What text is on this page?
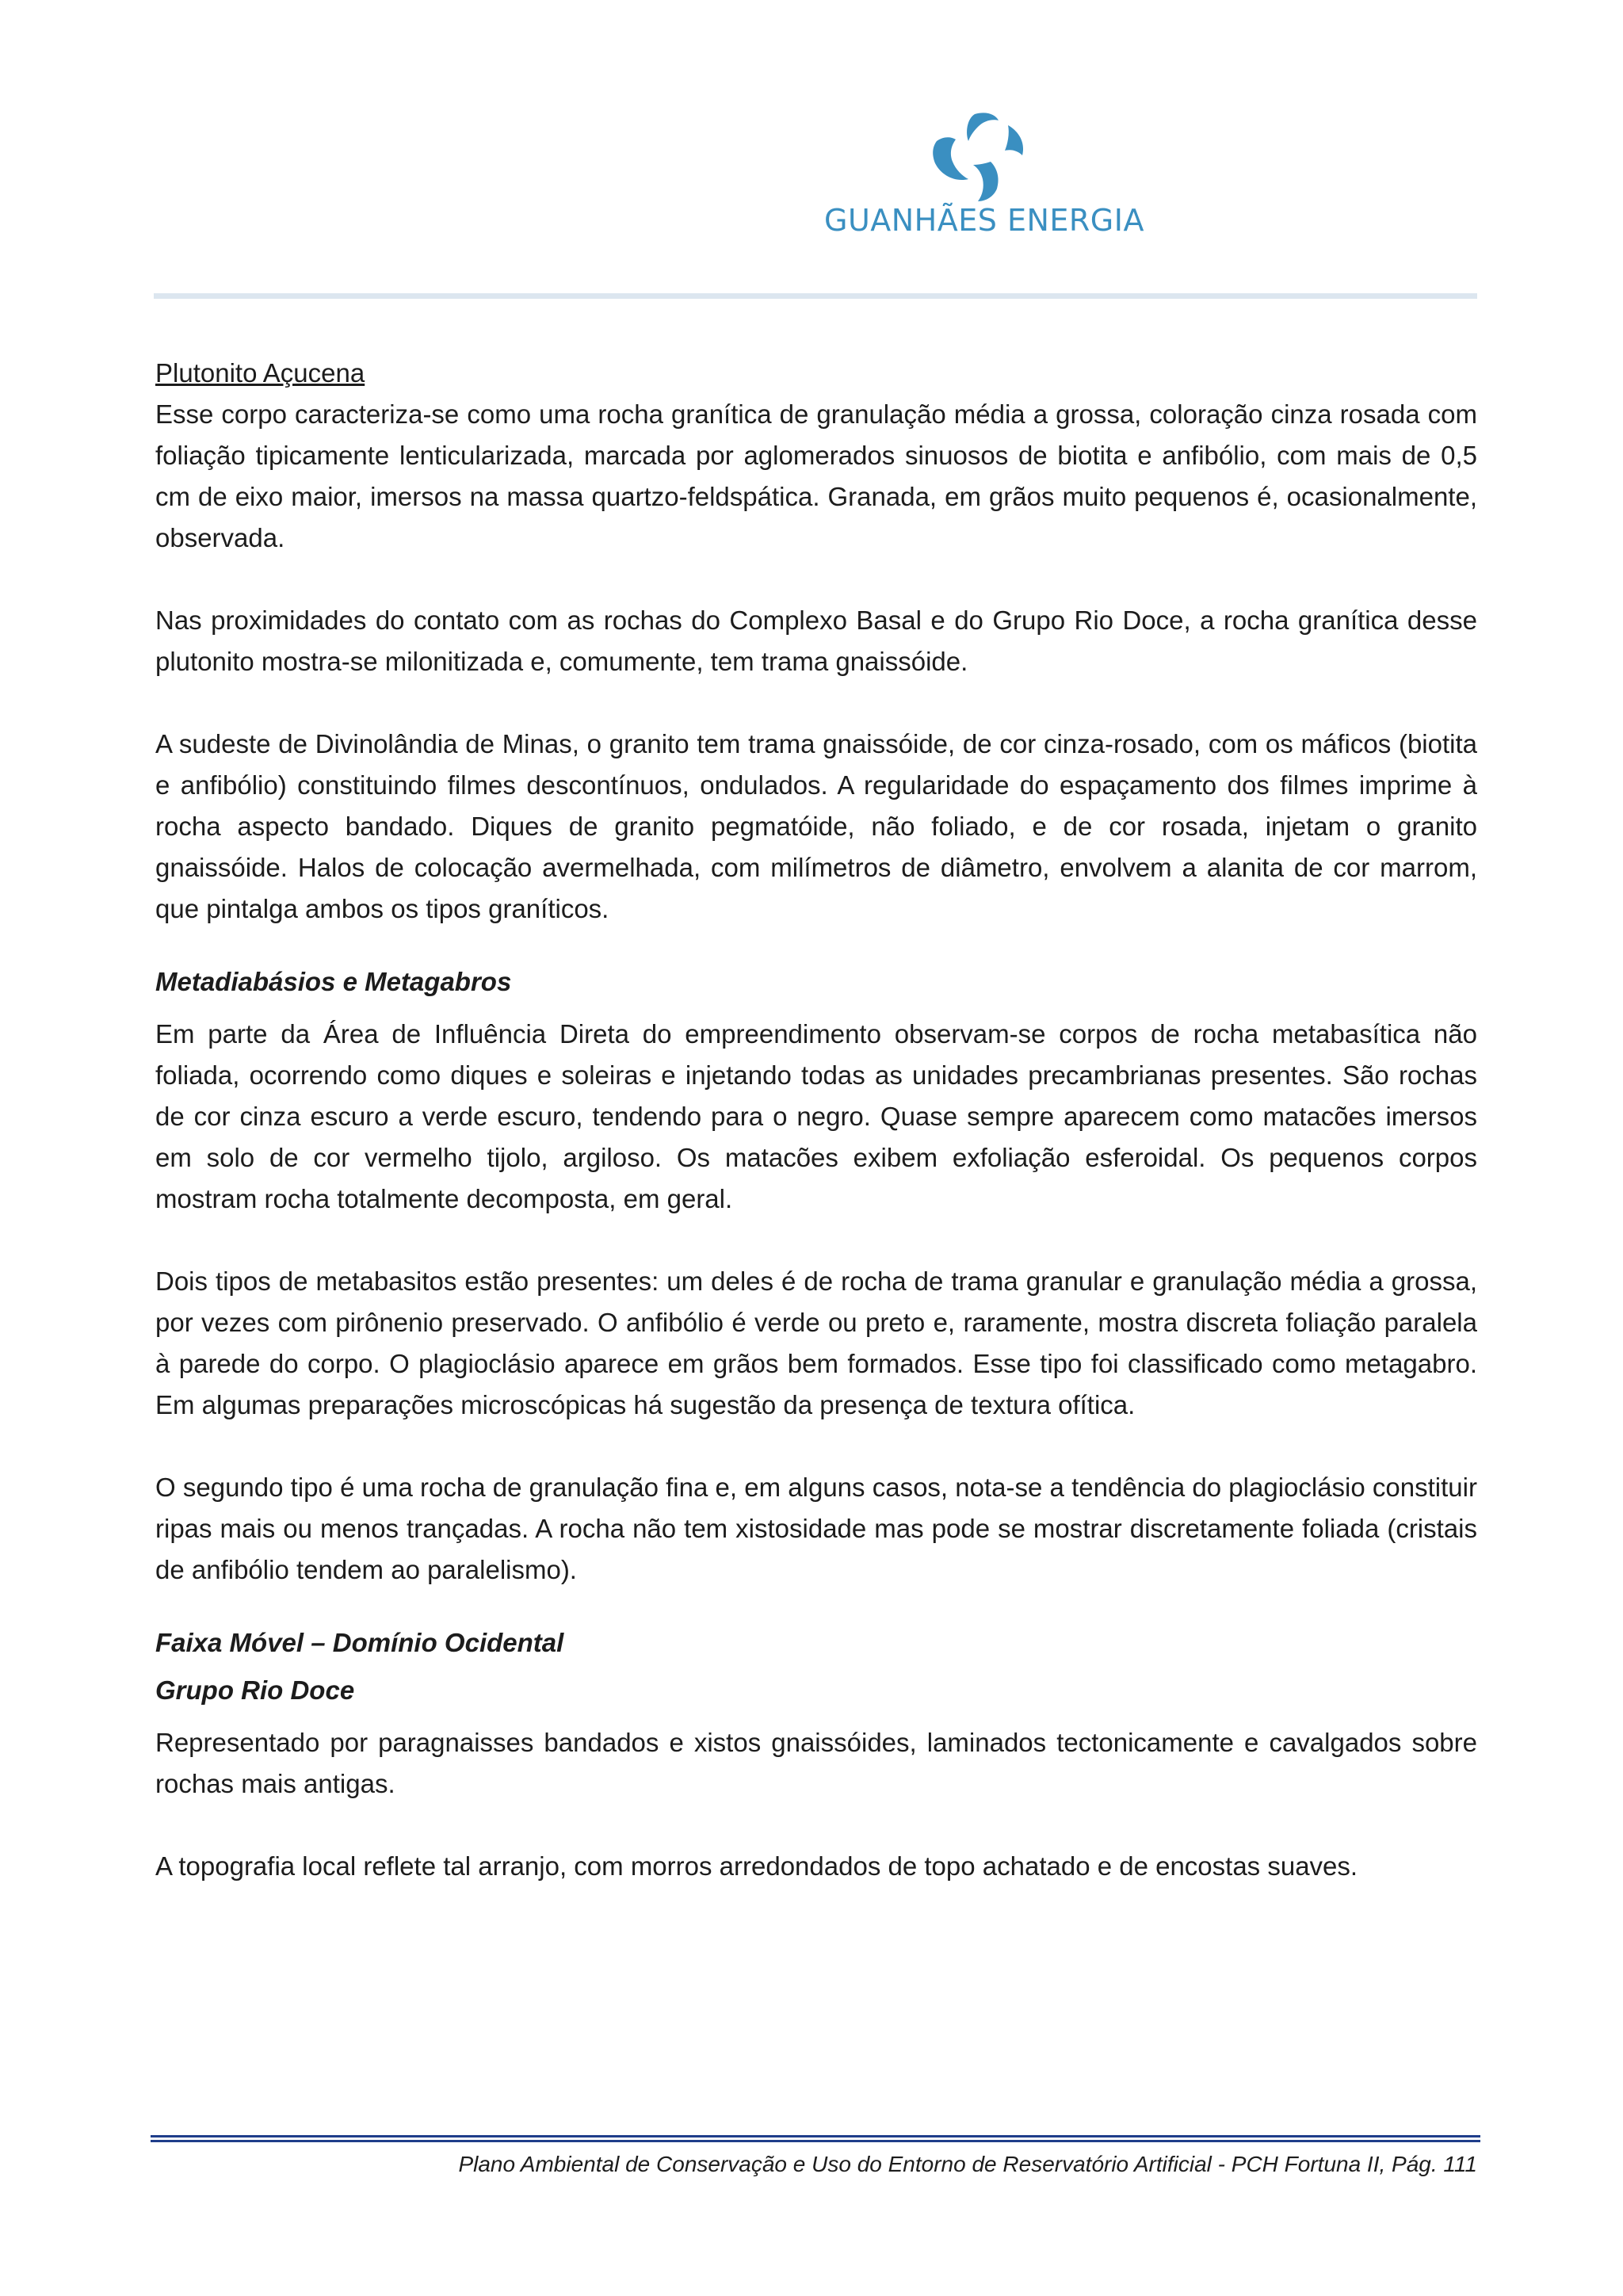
GUANHÃES ENERGIA

Plutonito Açucena

Esse corpo caracteriza-se como uma rocha granítica de granulação média a grossa, coloração cinza rosada com foliação tipicamente lenticularizada, marcada por aglomerados sinuosos de biotita e anfibólio, com mais de 0,5 cm de eixo maior, imersos na massa quartzo-feldspática. Granada, em grãos muito pequenos é, ocasionalmente, observada.

Nas proximidades do contato com as rochas do Complexo Basal e do Grupo Rio Doce, a rocha granítica desse plutonito mostra-se milonitizada e, comumente, tem trama gnaissóide.

A sudeste de Divinolândia de Minas, o granito tem trama gnaissóide, de cor cinza-rosado, com os máficos (biotita e anfibólio) constituindo filmes descontínuos, ondulados. A regularidade do espaçamento dos filmes imprime à rocha aspecto bandado. Diques de granito pegmatóide, não foliado, e de cor rosada, injetam o granito gnaissóide. Halos de colocação avermelhada, com milímetros de diâmetro, envolvem a alanita de cor marrom, que pintalga ambos os tipos graníticos.

Metadiabásios e Metagabros

Em parte da Área de Influência Direta do empreendimento observam-se corpos de rocha metabasítica não foliada, ocorrendo como diques e soleiras e injetando todas as unidades precambrianas presentes. São rochas de cor cinza escuro a verde escuro, tendendo para o negro. Quase sempre aparecem como matacões imersos em solo de cor vermelho tijolo, argiloso. Os matacões exibem exfoliação esferoidal. Os pequenos corpos mostram rocha totalmente decomposta, em geral.

Dois tipos de metabasitos estão presentes: um deles é de rocha de trama granular e granulação média a grossa, por vezes com pirônenio preservado. O anfibólio é verde ou preto e, raramente, mostra discreta foliação paralela à parede do corpo. O plagioclásio aparece em grãos bem formados. Esse tipo foi classificado como metagabro. Em algumas preparações microscópicas há sugestão da presença de textura ofítica.

O segundo tipo é uma rocha de granulação fina e, em alguns casos, nota-se a tendência do plagioclásio constituir ripas mais ou menos trançadas. A rocha não tem xistosidade mas pode se mostrar discretamente foliada (cristais de anfibólio tendem ao paralelismo).

Faixa Móvel – Domínio Ocidental

Grupo Rio Doce

Representado por paragnaisses bandados e xistos gnaissóides, laminados tectonicamente e cavalgados sobre rochas mais antigas.

A topografia local reflete tal arranjo, com morros arredondados de topo achatado e de encostas suaves.

Plano Ambiental de Conservação e Uso do Entorno de Reservatório Artificial - PCH Fortuna II, Pág. 111
